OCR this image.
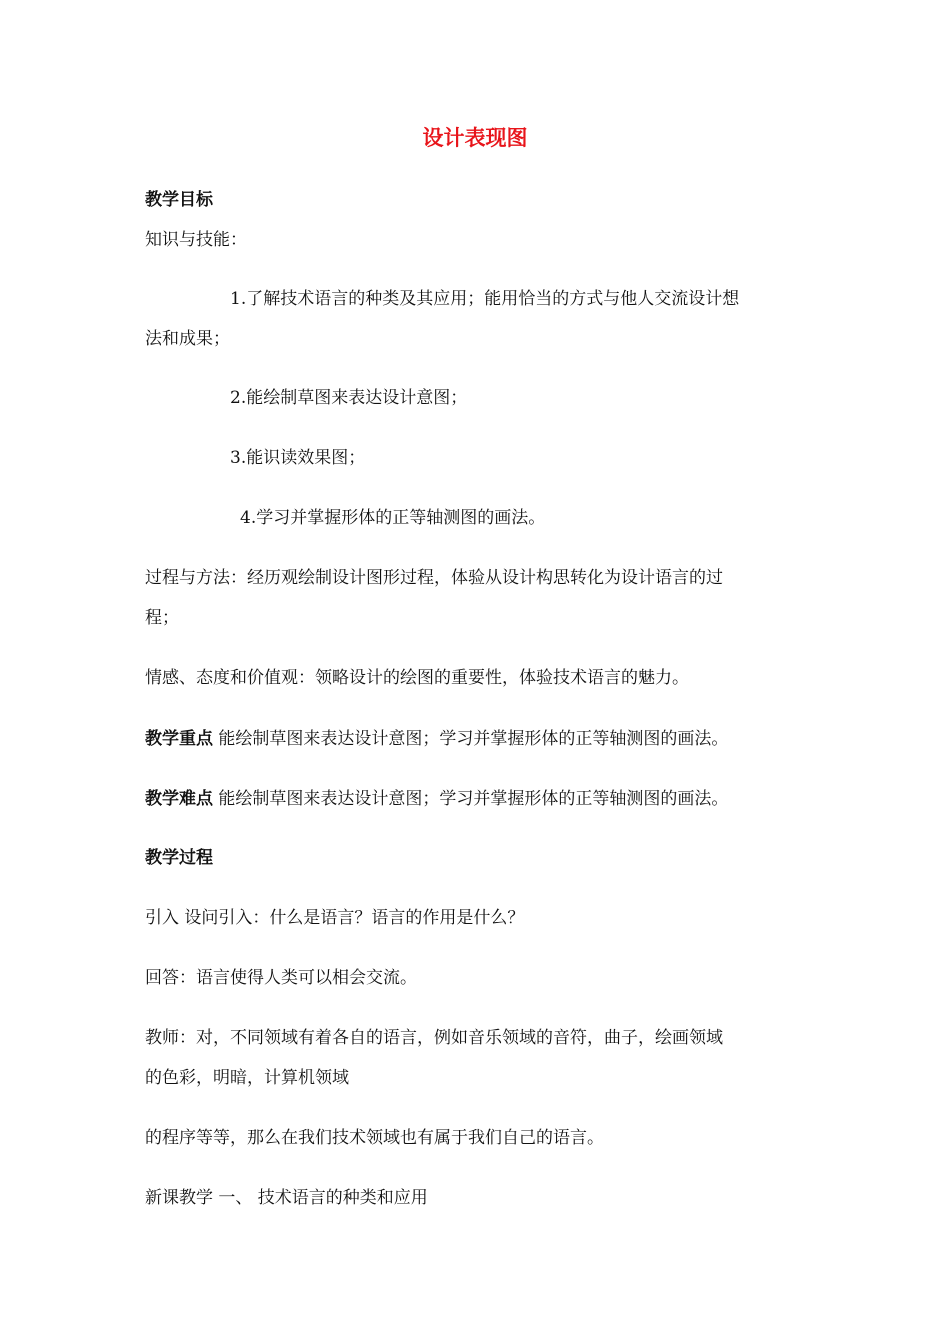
设计表现图
教学目标
知识与技能：
1.了解技术语言的种类及其应用；能用恰当的方式与他人交流设计想
法和成果；
2.能绘制草图来表达设计意图；
3.能识读效果图；
4.学习并掌握形体的正等轴测图的画法。
过程与方法：经历观绘制设计图形过程，体验从设计构思转化为设计语言的过
程；
情感、态度和价值观：领略设计的绘图的重要性，体验技术语言的魅力。
教学重点 能绘制草图来表达设计意图；学习并掌握形体的正等轴测图的画法。
教学难点 能绘制草图来表达设计意图；学习并掌握形体的正等轴测图的画法。
教学过程
引入 设问引入：什么是语言？语言的作用是什么？
回答：语言使得人类可以相会交流。
教师：对，不同领域有着各自的语言，例如音乐领域的音符，曲子，绘画领域
的色彩，明暗，计算机领域
的程序等等，那么在我们技术领域也有属于我们自己的语言。
新课教学 一、 技术语言的种类和应用
